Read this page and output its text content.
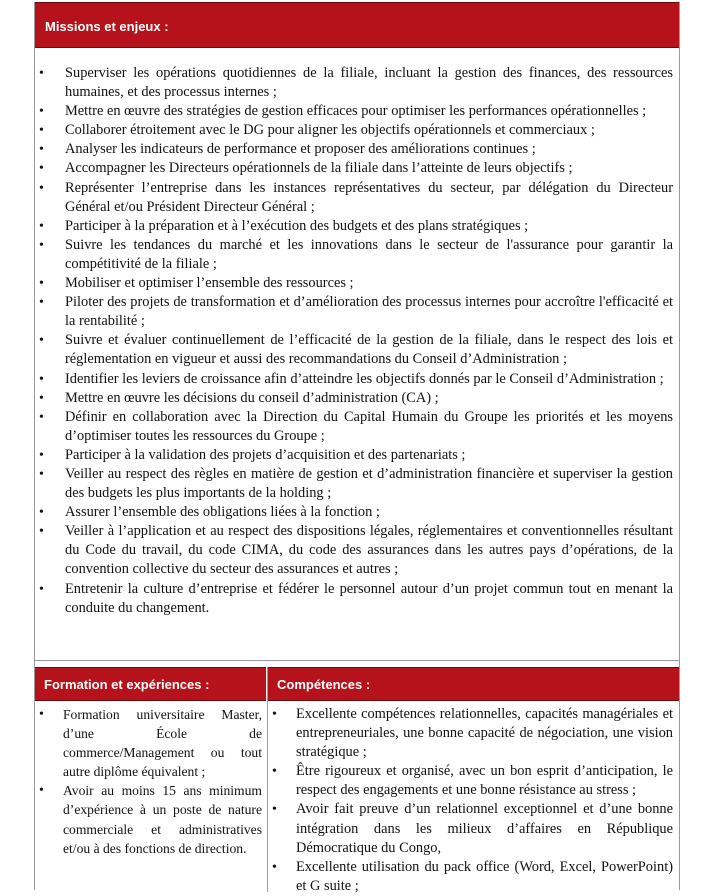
Missions et enjeux :
• Superviser les opérations quotidiennes de la filiale, incluant la gestion des finances, des ressources humaines, et des processus internes ;
• Mettre en œuvre des stratégies de gestion efficaces pour optimiser les performances opérationnelles ;
• Collaborer étroitement avec le DG pour aligner les objectifs opérationnels et commerciaux ;
• Analyser les indicateurs de performance et proposer des améliorations continues ;
• Accompagner les Directeurs opérationnels de la filiale dans l’atteinte de leurs objectifs ;
• Représenter l’entreprise dans les instances représentatives du secteur, par délégation du Directeur Général et/ou Président Directeur Général ;
• Participer à la préparation et à l’exécution des budgets et des plans stratégiques ;
• Suivre les tendances du marché et les innovations dans le secteur de l'assurance pour garantir la compétitivité de la filiale ;
• Mobiliser et optimiser l’ensemble des ressources ;
• Piloter des projets de transformation et d’amélioration des processus internes pour accroître l'efficacité et la rentabilité ;
• Suivre et évaluer continuellement de l’efficacité de la gestion de la filiale, dans le respect des lois et réglementation en vigueur et aussi des recommandations du Conseil d’Administration ;
• Identifier les leviers de croissance afin d’atteindre les objectifs donnés par le Conseil d’Administration ;
• Mettre en œuvre les décisions du conseil d’administration (CA) ;
• Définir en collaboration avec la Direction du Capital Humain du Groupe les priorités et les moyens d’optimiser toutes les ressources du Groupe ;
• Participer à la validation des projets d’acquisition et des partenariats ;
• Veiller au respect des règles en matière de gestion et d’administration financière et superviser la gestion des budgets les plus importants de la holding ;
• Assurer l’ensemble des obligations liées à la fonction ;
• Veiller à l’application et au respect des dispositions légales, réglementaires et conventionnelles résultant du Code du travail, du code CIMA, du code des assurances dans les autres pays d’opérations, de la convention collective du secteur des assurances et autres ;
• Entretenir la culture d’entreprise et fédérer le personnel autour d’un projet commun tout en menant la conduite du changement.
Formation et expériences :	Compétences :
• Formation universitaire Master, d’une École de commerce/Management ou tout autre diplôme équivalent ;
• Avoir au moins 15 ans minimum d’expérience à un poste de nature commerciale et administratives et/ou à des fonctions de direction.
• Excellente compétences relationnelles, capacités managériales et entrepreneuriales, une bonne capacité de négociation, une vision stratégique ;
• Être rigoureux et organisé, avec un bon esprit d’anticipation, le respect des engagements et une bonne résistance au stress ;
• Avoir fait preuve d’un relationnel exceptionnel et d’une bonne intégration dans les milieux d’affaires en République Démocratique du Congo,
• Excellente utilisation du pack office (Word, Excel, PowerPoint) et G suite ;
